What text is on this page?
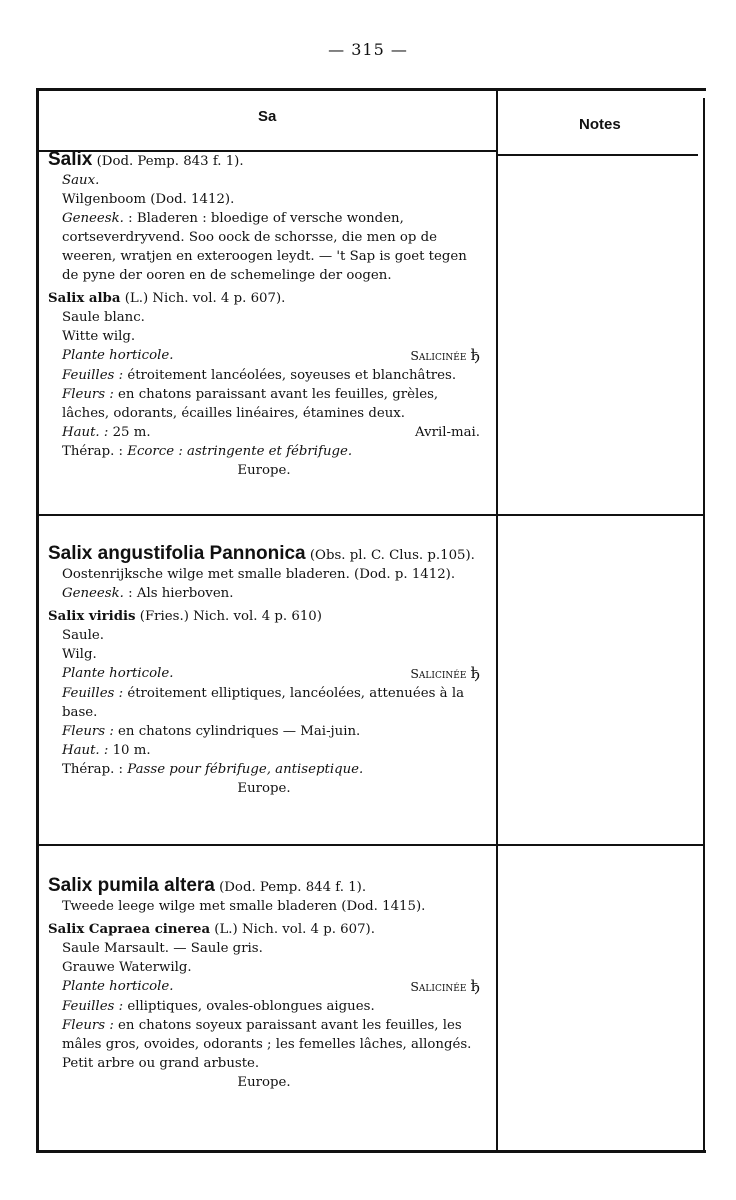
— 315 —
Sa	Notes

Salix (Dod. Pemp. 843 f. 1).

Saux.

Wilgenboom (Dod. 1412).

Geneesk. : Bladeren : bloedige of versche wonden, cortseverdryvend. Soo oock de schorsse, die men op de weeren, wratjen en exteroogen leydt. — 't Sap is goet tegen de pyne der ooren en de schemelinge der oogen.

Salix alba (L.) Nich. vol. 4 p. 607).

Saule blanc.

Witte wilg.

Plante horticole.	Salicinée ђ

Feuilles : étroitement lancéolées, soyeuses et blanchâtres.

Fleurs : en chatons paraissant avant les feuilles, grèles, lâches, odorants, écailles linéaires, étamines deux.

Haut. : 25 m.	Avril-mai.

Thérap. : Ecorce : astringente et fébrifuge.

Europe.

Salix angustifolia Pannonica (Obs. pl. C. Clus. p.105).

Oostenrijksche wilge met smalle bladeren. (Dod. p. 1412).

Geneesk. : Als hierboven.

Salix viridis (Fries.) Nich. vol. 4 p. 610)

Saule.

Wilg.

Plante horticole.	Salicinée ђ

Feuilles : étroitement elliptiques, lancéolées, attenuées à la base.

Fleurs : en chatons cylindriques — Mai-juin.

Haut. : 10 m.

Thérap. : Passe pour fébrifuge, antiseptique.

Europe.

Salix pumila altera (Dod. Pemp. 844 f. 1).

Tweede leege wilge met smalle bladeren (Dod. 1415).

Salix Capraea cinerea (L.) Nich. vol. 4 p. 607).

Saule Marsault. — Saule gris.

Grauwe Waterwilg.

Plante horticole.	Salicinée ђ

Feuilles : elliptiques, ovales-oblongues aigues.

Fleurs : en chatons soyeux paraissant avant les feuilles, les mâles gros, ovoides, odorants ; les femelles lâches, allongés.

Petit arbre ou grand arbuste.

Europe.
